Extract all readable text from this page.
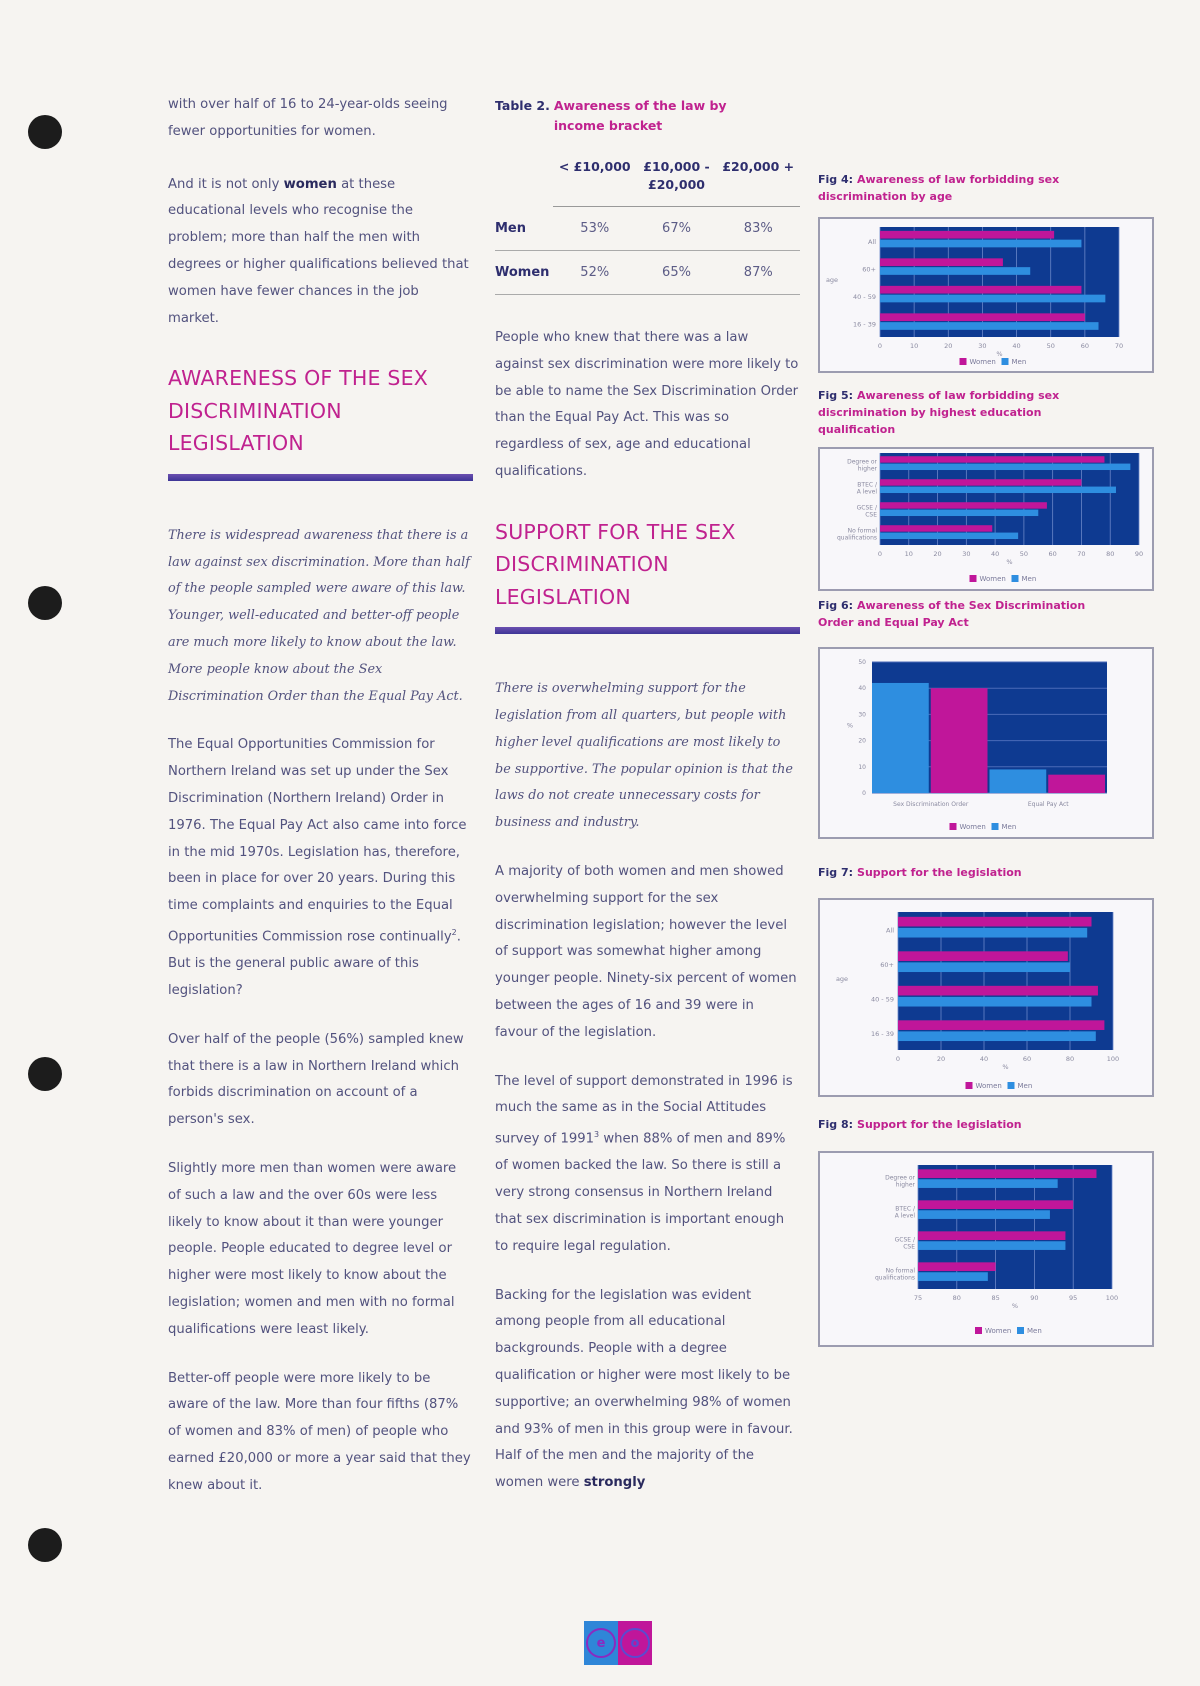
with over half of 16 to 24-year-olds seeing fewer opportunities for women.

And it is not only women at these educational levels who recognise the problem; more than half the men with degrees or higher qualifications believed that women have fewer chances in the job market.

AWARENESS OF THE SEX DISCRIMINATION LEGISLATION

There is widespread awareness that there is a law against sex discrimination. More than half of the people sampled were aware of this law. Younger, well-educated and better-off people are much more likely to know about the law. More people know about the Sex Discrimination Order than the Equal Pay Act.

The Equal Opportunities Commission for Northern Ireland was set up under the Sex Discrimination (Northern Ireland) Order in 1976. The Equal Pay Act also came into force in the mid 1970s. Legislation has, therefore, been in place for over 20 years. During this time complaints and enquiries to the Equal Opportunities Commission rose continually$^2$. But is the general public aware of this legislation?

Over half of the people (56%) sampled knew that there is a law in Northern Ireland which forbids discrimination on account of a person's sex.

Slightly more men than women were aware of such a law and the over 60s were less likely to know about it than were younger people. People educated to degree level or higher were most likely to know about the legislation; women and men with no formal qualifications were least likely.

Better-off people were more likely to be aware of the law. More than four fifths (87% of women and 83% of men) of people who earned £20,000 or more a year said that they knew about it.

Table 2. Awareness of the law by income bracket
	< £10,000	£10,000 - £20,000	£20,000 +
Men	53%	67%	83%
Women	52%	65%	87%

People who knew that there was a law against sex discrimination were more likely to be able to name the Sex Discrimination Order than the Equal Pay Act. This was so regardless of sex, age and educational qualifications.

SUPPORT FOR THE SEX DISCRIMINATION LEGISLATION

There is overwhelming support for the legislation from all quarters, but people with higher level qualifications are most likely to be supportive. The popular opinion is that the laws do not create unnecessary costs for business and industry.

A majority of both women and men showed overwhelming support for the sex discrimination legislation; however the level of support was somewhat higher among younger people. Ninety-six percent of women between the ages of 16 and 39 were in favour of the legislation.

The level of support demonstrated in 1996 is much the same as in the Social Attitudes survey of 1991$^3$ when 88% of men and 89% of women backed the law. So there is still a very strong consensus in Northern Ireland that sex discrimination is important enough to require legal regulation.

Backing for the legislation was evident among people from all educational backgrounds. People with a degree qualification or higher were most likely to be supportive; an overwhelming 98% of women and 93% of men in this group were in favour. Half of the men and the majority of the women were strongly

Fig 4: Awareness of law forbidding sex discrimination by age
0	10	20	30	40	50	60	70
%
All
60+
40 - 59
16 - 39
age
Women Men
Fig 5: Awareness of law forbidding sex discrimination by highest education qualification
0	10	20	30	40	50	60	70	80	90
%
Degree or
higher
BTEC /
A level
GCSE /
CSE
No formal
qualifications
Women Men
Fig 6: Awareness of the Sex Discrimination Order and Equal Pay Act
0
10
20
30
40
50
%
Sex Discrimination Order	Equal Pay Act
Women Men
Fig 7: Support for the legislation
0	20	40	60	80	100
%
All
60+
40 - 59
16 - 39
age
Women Men
Fig 8: Support for the legislation
75	80	85	90	95	100
%
Degree or
higher
BTEC /
A level
GCSE /
CSE
No formal
qualifications
Women Men
e	o
